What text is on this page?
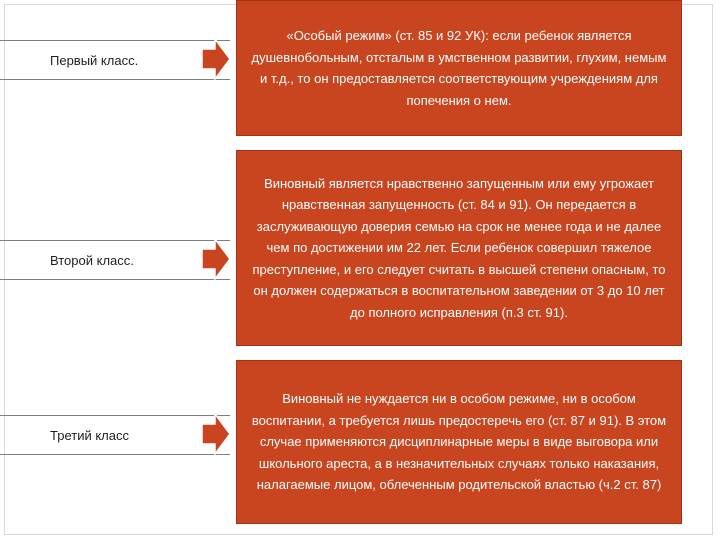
Первый класс.

«Особый режим» (ст. 85 и 92 УК): если ребенок является душевнобольным, отсталым в умственном развитии, глухим, немым и т.д., то он предоставляется соответствующим учреждениям для попечения о нем.

Второй класс.

Виновный является нравственно запущенным или ему угрожает нравственная запущенность (ст. 84 и 91). Он передается в заслуживающую доверия семью на срок не менее года и не далее чем по достижении им 22 лет. Если ребенок совершил тяжелое преступление, и его следует считать в высшей степени опасным, то он должен содержаться в воспитательном заведении от 3 до 10 лет до полного исправления (п.3 ст. 91).

Третий класс

Виновный не нуждается ни в особом режиме, ни в особом воспитании, а требуется лишь предостеречь его (ст. 87 и 91). В этом случае применяются дисциплинарные меры в виде выговора или школьного ареста, а в незначительных случаях только наказания, налагаемые лицом, облеченным родительской властью (ч.2 ст. 87)
